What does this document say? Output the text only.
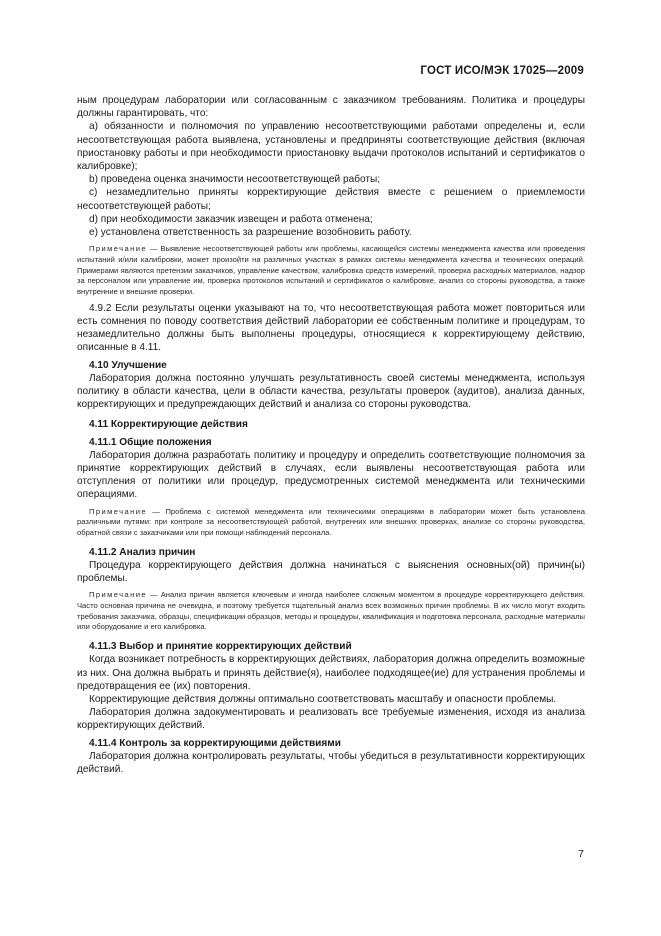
ГОСТ ИСО/МЭК 17025—2009

ным процедурам лаборатории или согласованным с заказчиком требованиям. Политика и процедуры должны гарантировать, что:

a) обязанности и полномочия по управлению несоответствующими работами определены и, если несоответствующая работа выявлена, установлены и предприняты соответствующие действия (включая приостановку работы и при необходимости приостановку выдачи протоколов испытаний и сертификатов о калибровке);

b) проведена оценка значимости несоответствующей работы;

c) незамедлительно приняты корректирующие действия вместе с решением о приемлемости несоответствующей работы;

d) при необходимости заказчик извещен и работа отменена;

e) установлена ответственность за разрешение возобновить работу.

Примечание — Выявление несоответствующей работы или проблемы, касающейся системы менеджмента качества или проведения испытаний и/или калибровки, может произойти на различных участках в рамках системы менеджмента качества и технических операций. Примерами являются претензии заказчиков, управление качеством, калибровка средств измерений, проверка расходных материалов, надзор за персоналом или управление им, проверка протоколов испытаний и сертификатов о калибровке, анализ со стороны руководства, а также внутренние и внешние проверки.

4.9.2 Если результаты оценки указывают на то, что несоответствующая работа может повториться или есть сомнения по поводу соответствия действий лаборатории ее собственным политике и процедурам, то незамедлительно должны быть выполнены процедуры, относящиеся к корректирующему действию, описанные в 4.11.

4.10 Улучшение

Лаборатория должна постоянно улучшать результативность своей системы менеджмента, используя политику в области качества, цели в области качества, результаты проверок (аудитов), анализа данных, корректирующих и предупреждающих действий и анализа со стороны руководства.

4.11 Корректирующие действия

4.11.1 Общие положения

Лаборатория должна разработать политику и процедуру и определить соответствующие полномочия за принятие корректирующих действий в случаях, если выявлены несоответствующая работа или отступления от политики или процедур, предусмотренных системой менеджмента или техническими операциями.

Примечание — Проблема с системой менеджмента или техническими операциями в лаборатории может быть установлена различными путями: при контроле за несоответствующей работой, внутренних или внешних проверках, анализе со стороны руководства, обратной связи с заказчиками или при помощи наблюдений персонала.

4.11.2 Анализ причин

Процедура корректирующего действия должна начинаться с выяснения основных(ой) причин(ы) проблемы.

Примечание — Анализ причин является ключевым и иногда наиболее сложным моментом в процедуре корректирующего действия. Часто основная причина не очевидна, и поэтому требуется тщательный анализ всех возможных причин проблемы. В их число могут входить требования заказчика, образцы, спецификации образцов, методы и процедуры, квалификация и подготовка персонала, расходные материалы или оборудование и его калибровка.

4.11.3 Выбор и принятие корректирующих действий

Когда возникает потребность в корректирующих действиях, лаборатория должна определить возможные из них. Она должна выбрать и принять действие(я), наиболее подходящее(ие) для устранения проблемы и предотвращения ее (их) повторения.

Корректирующие действия должны оптимально соответствовать масштабу и опасности проблемы.

Лаборатория должна задокументировать и реализовать все требуемые изменения, исходя из анализа корректирующих действий.

4.11.4 Контроль за корректирующими действиями

Лаборатория должна контролировать результаты, чтобы убедиться в результативности корректирующих действий.

7
